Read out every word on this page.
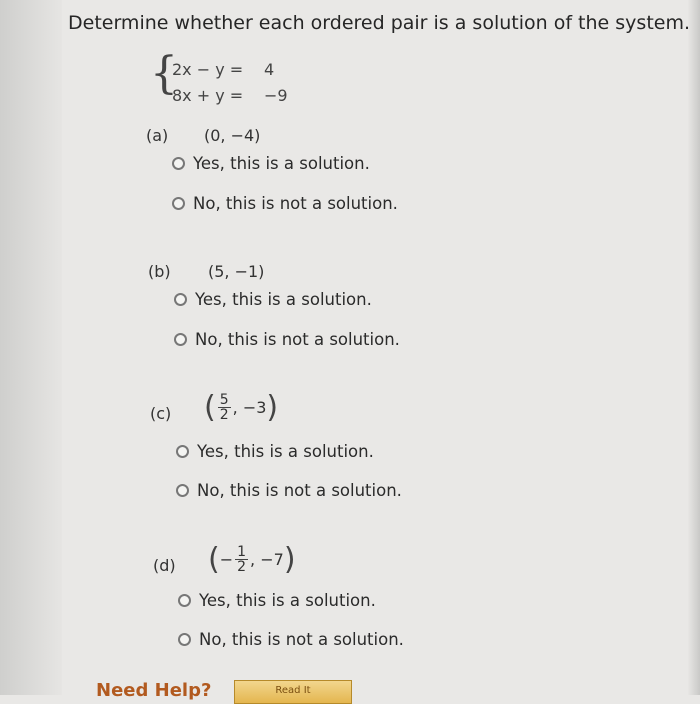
Determine whether each ordered pair is a solution of the system.
{
2x − y = 4
8x + y = −9
(a) (0, −4)
Yes, this is a solution.
No, this is not a solution.
(b) (5, −1)
Yes, this is a solution.
No, this is not a solution.
(c) ( $\frac{5}{2}$ , −3)
Yes, this is a solution.
No, this is not a solution.
(d) (− $\frac{1}{2}$ , −7)
Yes, this is a solution.
No, this is not a solution.
Need Help?	Read It
